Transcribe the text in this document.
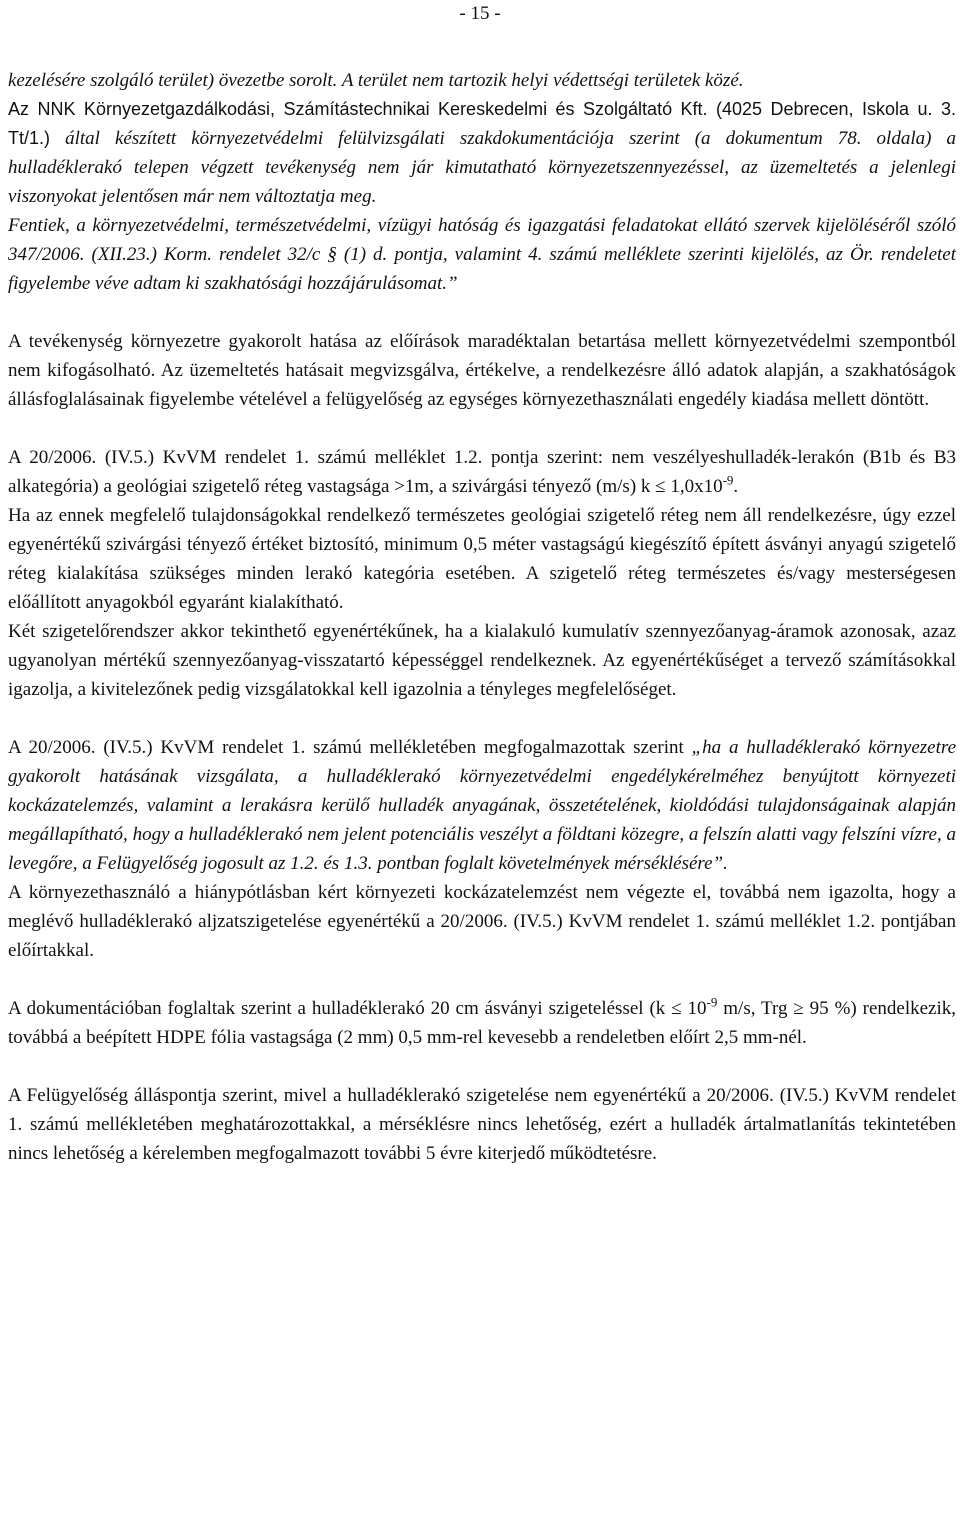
- 15 -

kezelésére szolgáló terület) övezetbe sorolt. A terület nem tartozik helyi védettségi területek közé.

Az NNK Környezetgazdálkodási, Számítástechnikai Kereskedelmi és Szolgáltató Kft. (4025 Debrecen, Iskola u. 3. Tt/1.) által készített környezetvédelmi felülvizsgálati szakdokumentációja szerint (a dokumentum 78. oldala) a hulladéklerakó telepen végzett tevékenység nem jár kimutatható környezetszennyezéssel, az üzemeltetés a jelenlegi viszonyokat jelentősen már nem változtatja meg.

Fentiek, a környezetvédelmi, természetvédelmi, vízügyi hatóság és igazgatási feladatokat ellátó szervek kijelöléséről szóló 347/2006. (XII.23.) Korm. rendelet 32/c § (1) d. pontja, valamint 4. számú melléklete szerinti kijelölés, az Ör. rendeletet figyelembe véve adtam ki szakhatósági hozzájárulásomat.”

A tevékenység környezetre gyakorolt hatása az előírások maradéktalan betartása mellett környezetvédelmi szempontból nem kifogásolható. Az üzemeltetés hatásait megvizsgálva, értékelve, a rendelkezésre álló adatok alapján, a szakhatóságok állásfoglalásainak figyelembe vételével a felügyelőség az egységes környezethasználati engedély kiadása mellett döntött.

A 20/2006. (IV.5.) KvVM rendelet 1. számú melléklet 1.2. pontja szerint: nem veszélyeshulladék-lerakón (B1b és B3 alkategória) a geológiai szigetelő réteg vastagsága >1m, a szivárgási tényező (m/s) $k \le 1,0x10^{-9}$.

Ha az ennek megfelelő tulajdonságokkal rendelkező természetes geológiai szigetelő réteg nem áll rendelkezésre, úgy ezzel egyenértékű szivárgási tényező értéket biztosító, minimum 0,5 méter vastagságú kiegészítő épített ásványi anyagú szigetelő réteg kialakítása szükséges minden lerakó kategória esetében. A szigetelő réteg természetes és/vagy mesterségesen előállított anyagokból egyaránt kialakítható.

Két szigetelőrendszer akkor tekinthető egyenértékűnek, ha a kialakuló kumulatív szennyezőanyag-áramok azonosak, azaz ugyanolyan mértékű szennyezőanyag-visszatartó képességgel rendelkeznek. Az egyenértékűséget a tervező számításokkal igazolja, a kivitelezőnek pedig vizsgálatokkal kell igazolnia a tényleges megfelelőséget.

A 20/2006. (IV.5.) KvVM rendelet 1. számú mellékletében megfogalmazottak szerint „ha a hulladéklerakó környezetre gyakorolt hatásának vizsgálata, a hulladéklerakó környezetvédelmi engedélykérelméhez benyújtott környezeti kockázatelemzés, valamint a lerakásra kerülő hulladék anyagának, összetételének, kioldódási tulajdonságainak alapján megállapítható, hogy a hulladéklerakó nem jelent potenciális veszélyt a földtani közegre, a felszín alatti vagy felszíni vízre, a levegőre, a Felügyelőség jogosult az 1.2. és 1.3. pontban foglalt követelmények mérséklésére”.

A környezethasználó a hiánypótlásban kért környezeti kockázatelemzést nem végezte el, továbbá nem igazolta, hogy a meglévő hulladéklerakó aljzatszigetelése egyenértékű a 20/2006. (IV.5.) KvVM rendelet 1. számú melléklet 1.2. pontjában előírtakkal.

A dokumentációban foglaltak szerint a hulladéklerakó 20 cm ásványi szigeteléssel ($k \le 10^{-9}$ m/s, Trg ≥ 95 %) rendelkezik, továbbá a beépített HDPE fólia vastagsága (2 mm) 0,5 mm-rel kevesebb a rendeletben előírt 2,5 mm-nél.

A Felügyelőség álláspontja szerint, mivel a hulladéklerakó szigetelése nem egyenértékű a 20/2006. (IV.5.) KvVM rendelet 1. számú mellékletében meghatározottakkal, a mérséklésre nincs lehetőség, ezért a hulladék ártalmatlanítás tekintetében nincs lehetőség a kérelemben megfogalmazott további 5 évre kiterjedő működtetésre.
